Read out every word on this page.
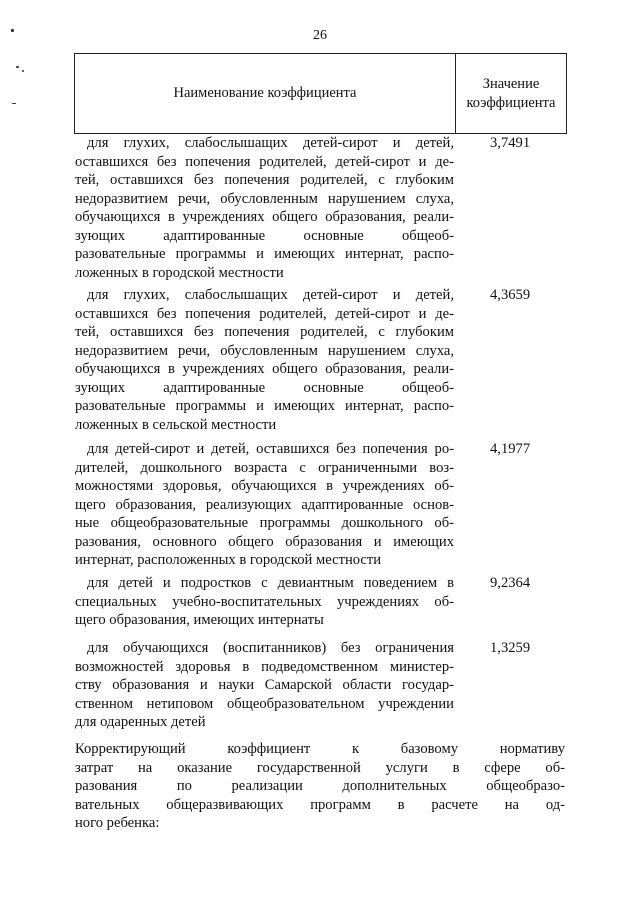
26
Наименование коэффициента
Значение
коэффициента
для глухих, слабослышащих детей-сирот и детей,
оставшихся без попечения родителей, детей-сирот и де-
тей, оставшихся без попечения родителей, с глубоким
недоразвитием речи, обусловленным нарушением слуха,
обучающихся в учреждениях общего образования, реали-
зующих адаптированные основные общеоб-
разовательные программы и имеющих интернат, распо-
ложенных в городской местности
3,7491
для глухих, слабослышащих детей-сирот и детей,
оставшихся без попечения родителей, детей-сирот и де-
тей, оставшихся без попечения родителей, с глубоким
недоразвитием речи, обусловленным нарушением слуха,
обучающихся в учреждениях общего образования, реали-
зующих адаптированные основные общеоб-
разовательные программы и имеющих интернат, распо-
ложенных в сельской местности
4,3659
для детей-сирот и детей, оставшихся без попечения ро-
дителей, дошкольного возраста с ограниченными воз-
можностями здоровья, обучающихся в учреждениях об-
щего образования, реализующих адаптированные основ-
ные общеобразовательные программы дошкольного об-
разования, основного общего образования и имеющих
интернат, расположенных в городской местности
4,1977
для детей и подростков с девиантным поведением в
специальных учебно-воспитательных учреждениях об-
щего образования, имеющих интернаты
9,2364
для обучающихся (воспитанников) без ограничения
возможностей здоровья в подведомственном министер-
ству образования и науки Самарской области государ-
ственном нетиповом общеобразовательном учреждении
для одаренных детей
1,3259
Корректирующий коэффициент к базовому нормативу
затрат на оказание государственной услуги в сфере об-
разования по реализации дополнительных общеобразо-
вательных общеразвивающих программ в расчете на од-
ного ребенка:
